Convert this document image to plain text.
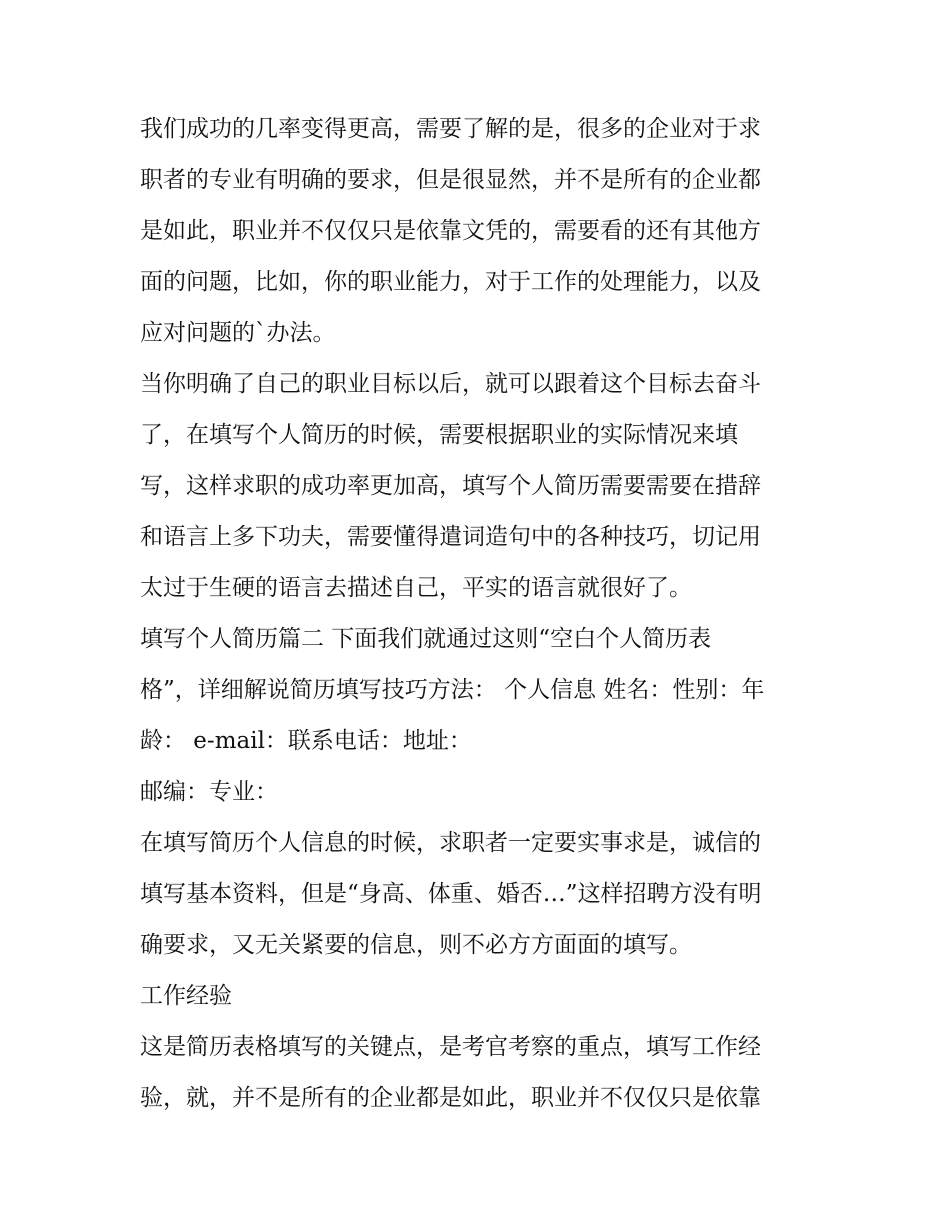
我们成功的几率变得更高，需要了解的是，很多的企业对于求
职者的专业有明确的要求，但是很显然，并不是所有的企业都
是如此，职业并不仅仅只是依靠文凭的，需要看的还有其他方
面的问题，比如，你的职业能力，对于工作的处理能力，以及
应对问题的`办法。

当你明确了自己的职业目标以后，就可以跟着这个目标去奋斗
了，在填写个人简历的时候，需要根据职业的实际情况来填
写，这样求职的成功率更加高，填写个人简历需要需要在措辞
和语言上多下功夫，需要懂得遣词造句中的各种技巧，切记用
太过于生硬的语言去描述自己，平实的语言就很好了。

填写个人简历篇二 下面我们就通过这则“空白个人简历表
格”，详细解说简历填写技巧方法： 个人信息 姓名：性别：年
龄： e-mail：联系电话：地址：

邮编：专业：

在填写简历个人信息的时候，求职者一定要实事求是，诚信的
填写基本资料，但是“身高、体重、婚否…”这样招聘方没有明
确要求，又无关紧要的信息，则不必方方面面的填写。

工作经验

这是简历表格填写的关键点，是考官考察的重点，填写工作经
验，就，并不是所有的企业都是如此，职业并不仅仅只是依靠
